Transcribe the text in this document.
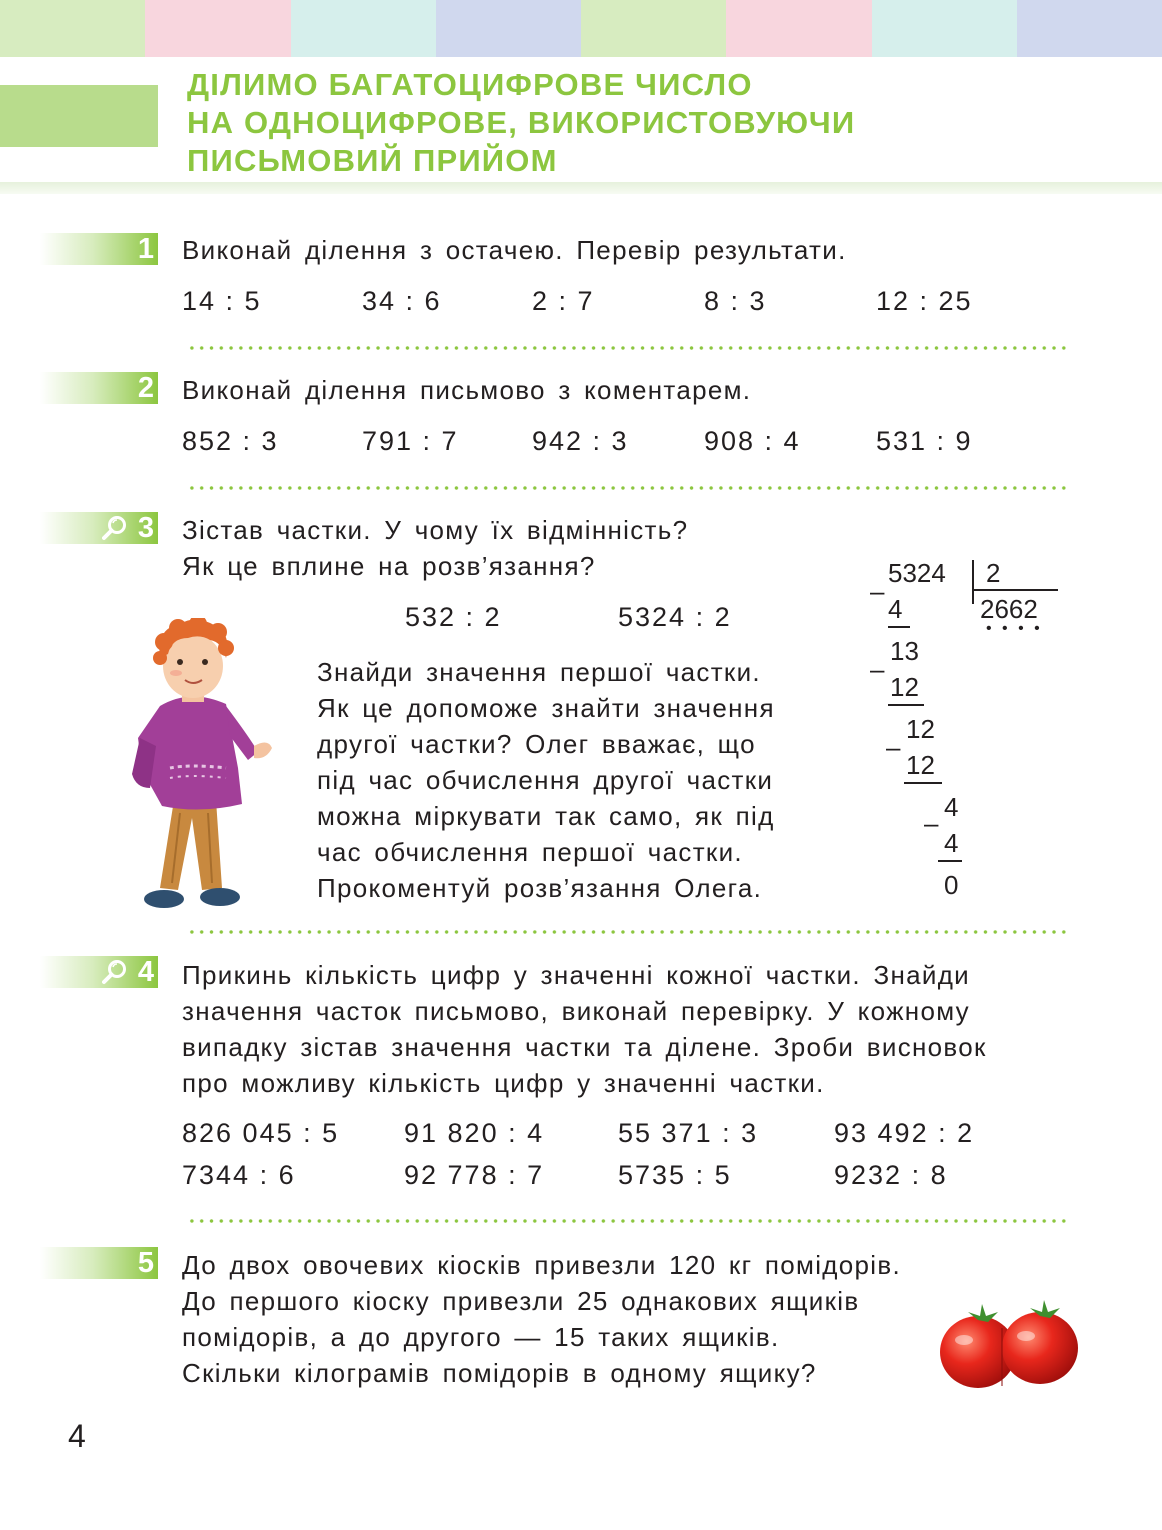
ДІЛИМО БАГАТОЦИФРОВЕ ЧИСЛО
НА ОДНОЦИФРОВЕ, ВИКОРИСТОВУЮЧИ
ПИСЬМОВИЙ ПРИЙОМ
1 Виконай ділення з остачею. Перевір результати.
14 : 5	34 : 6	2 : 7	8 : 3	12 : 25
2 Виконай ділення письмово з коментарем.
852 : 3	791 : 7	942 : 3	908 : 4	531 : 9
3 Зістав частки. У чому їх відмінність?
Як це вплине на розв’язання?
532 : 2	5324 : 2
Знайди значення першої частки.
Як це допоможе знайти значення
другої частки? Олег вважає, що
під час обчислення другої частки
можна міркувати так само, як під
час обчислення першої частки.
Прокоментуй розв’язання Олега.
5324 2
2662
• • • •
–
4
13
–
12
12
–
12
4
–
4
0
4 Прикинь кількість цифр у значенні кожної частки. Знайди
значення часток письмово, виконай перевірку. У кожному
випадку зістав значення частки та ділене. Зроби висновок
про можливу кількість цифр у значенні частки.
826 045 : 5 91 820 : 4	55 371 : 3	93 492 : 2
7344 : 6	92 778 : 7	5735 : 5	9232 : 8
5 До двох овочевих кіосків привезли 120 кг помідорів.
До першого кіоску привезли 25 однакових ящиків
помідорів, а до другого — 15 таких ящиків.
Скільки кілограмів помідорів в одному ящику?
4
